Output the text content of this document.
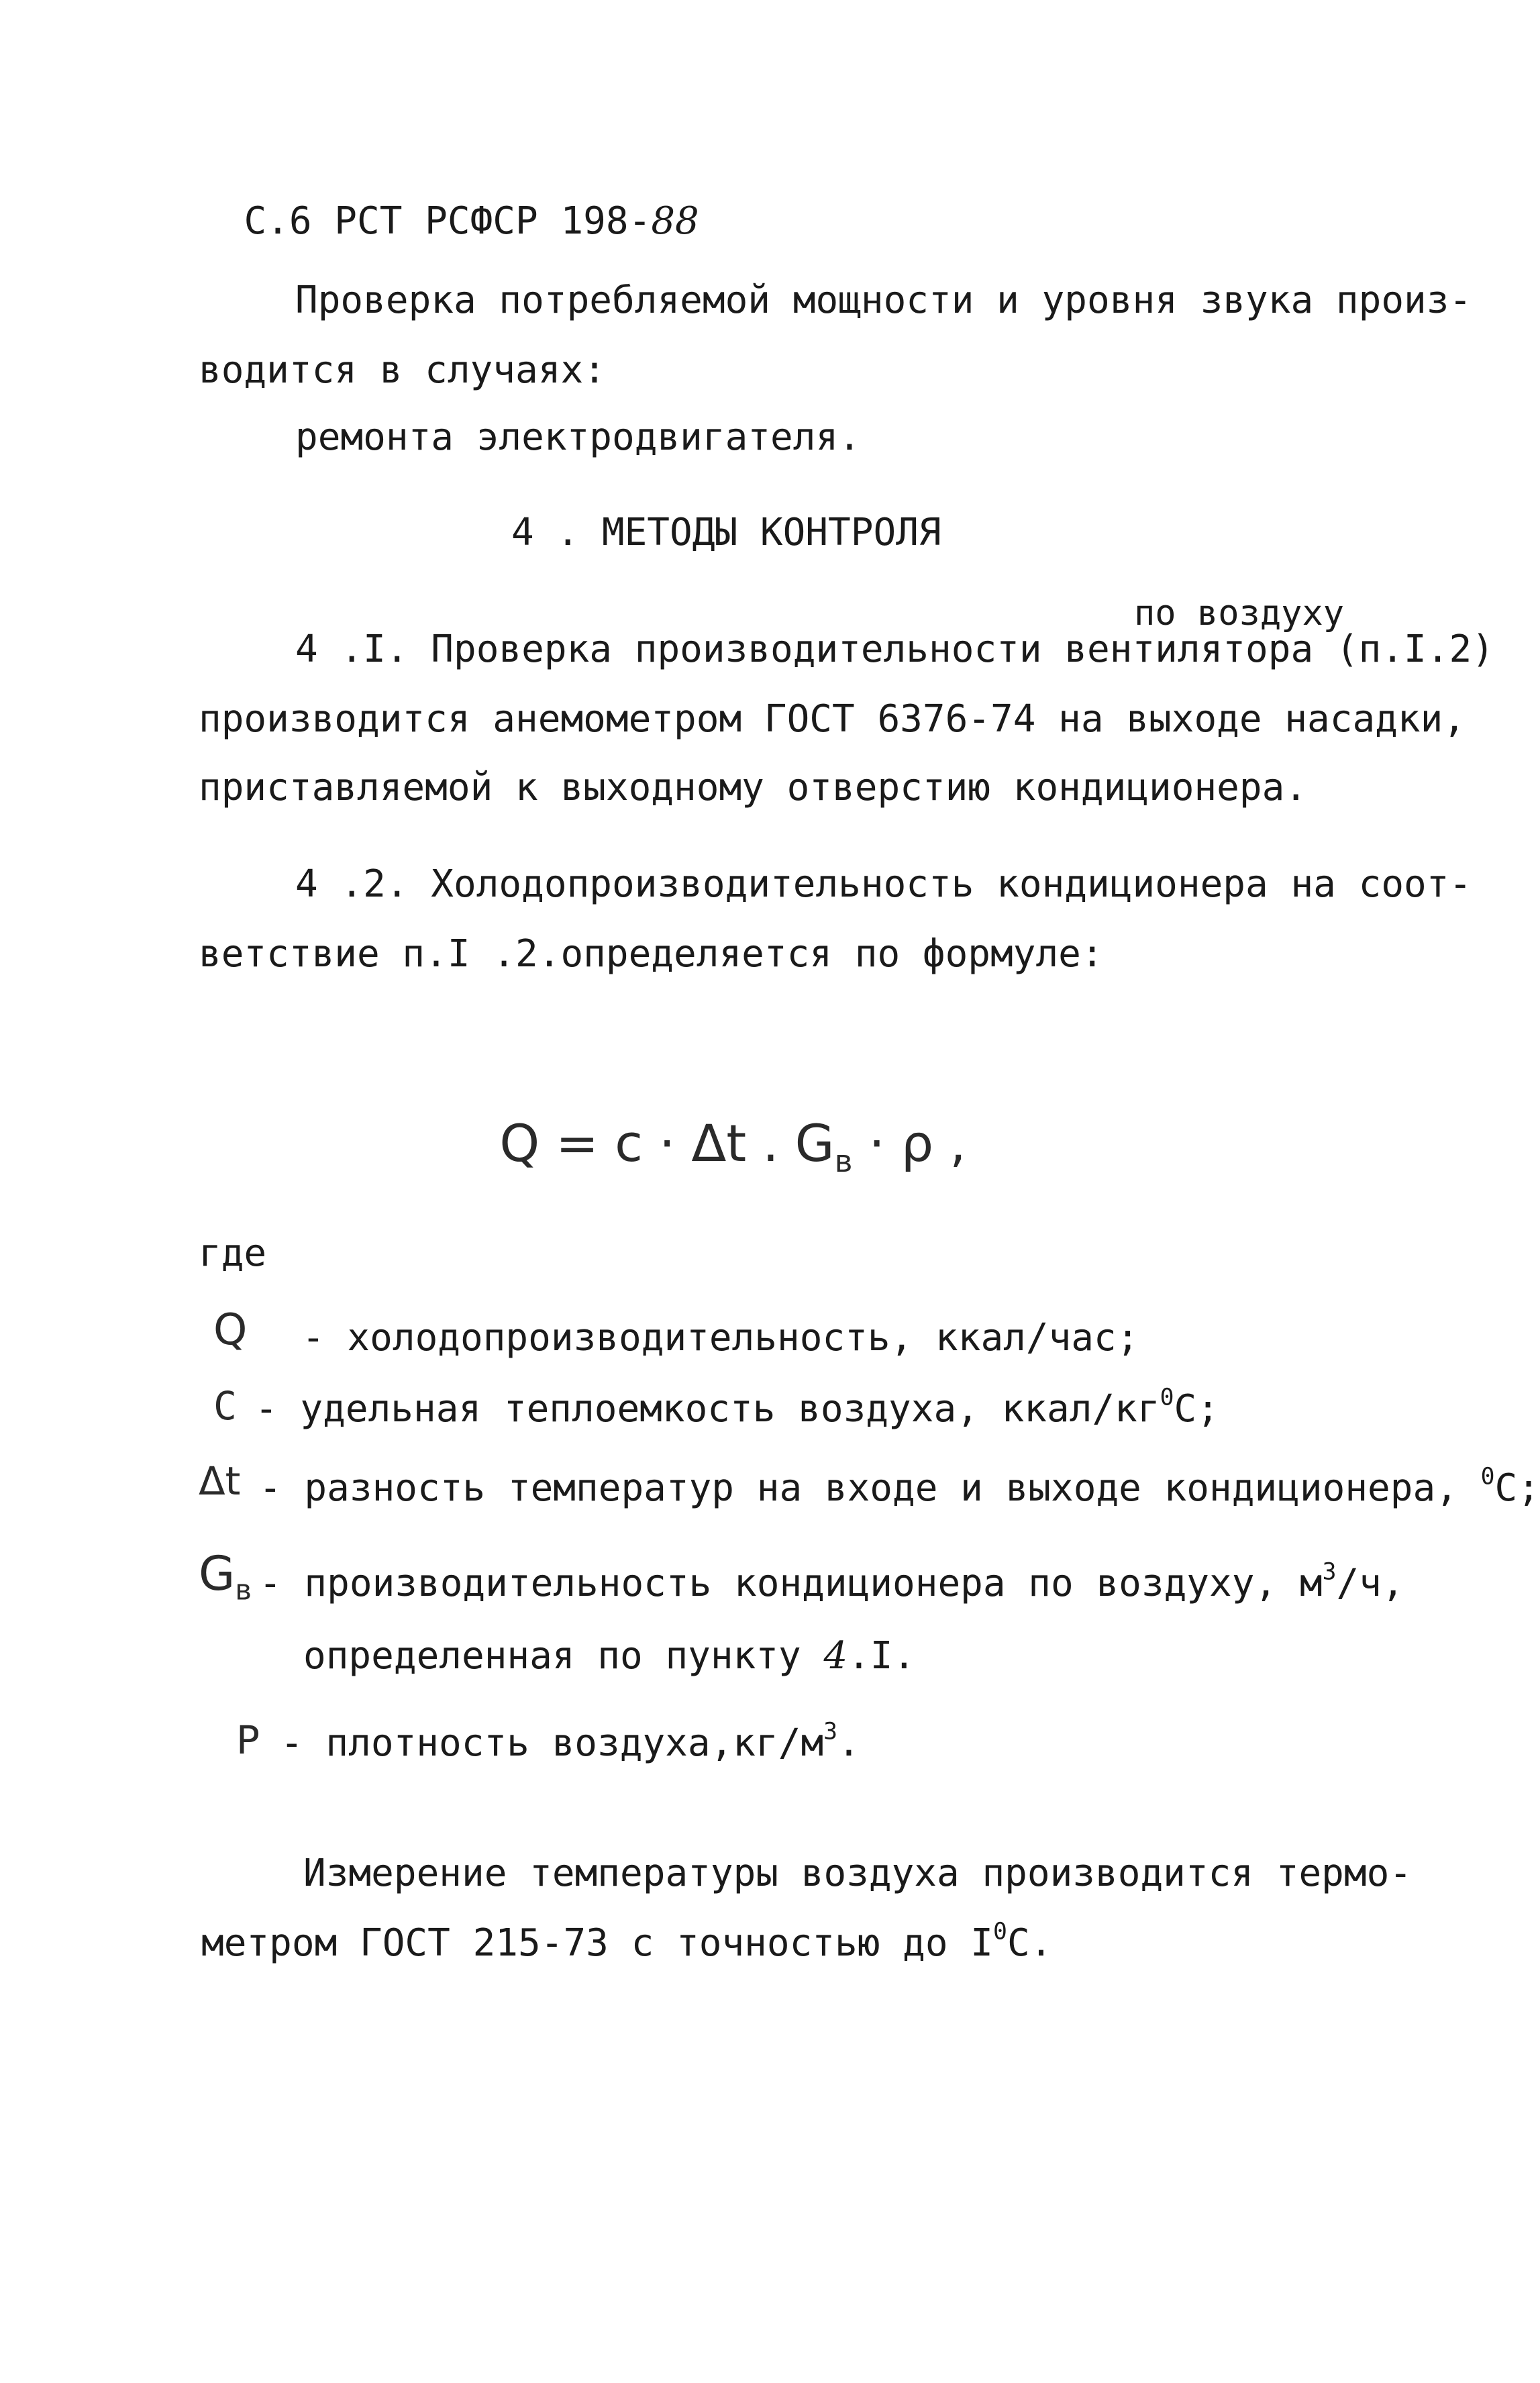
С.6 РСТ РСФСР 198-88

Проверка потребляемой мощности и уровня звука произ-
водится в случаях:
ремонта электродвигателя.
4 . МЕТОДЫ КОНТРОЛЯ
по воздуху
4 .I. Проверка производительности вентилятора (п.I.2)
производится анемометром ГОСТ 6376-74 на выходе насадки,
приставляемой к выходному отверстию кондиционера.
4 .2. Холодопроизводительность кондиционера на соот-
ветствие п.I .2.определяется по формуле:

Q = c · Δt . $G_в \cdot \rho$ ,

где
Q - холодопроизводительность, ккал/час;
C - удельная теплоемкость воздуха, ккал/$кг^0C$;
Δt - разность температур на входе и выходе кондиционера, $^0$C;
$G_в$ - производительность кондиционера по воздуху, $м^3/ч$,
определенная по пункту 4.I.
P - плотность $воздуха,кг/м^3$.
Измерение температуры воздуха производится термо-
метром ГОСТ 215-73 с точностью до $I^0С$.
